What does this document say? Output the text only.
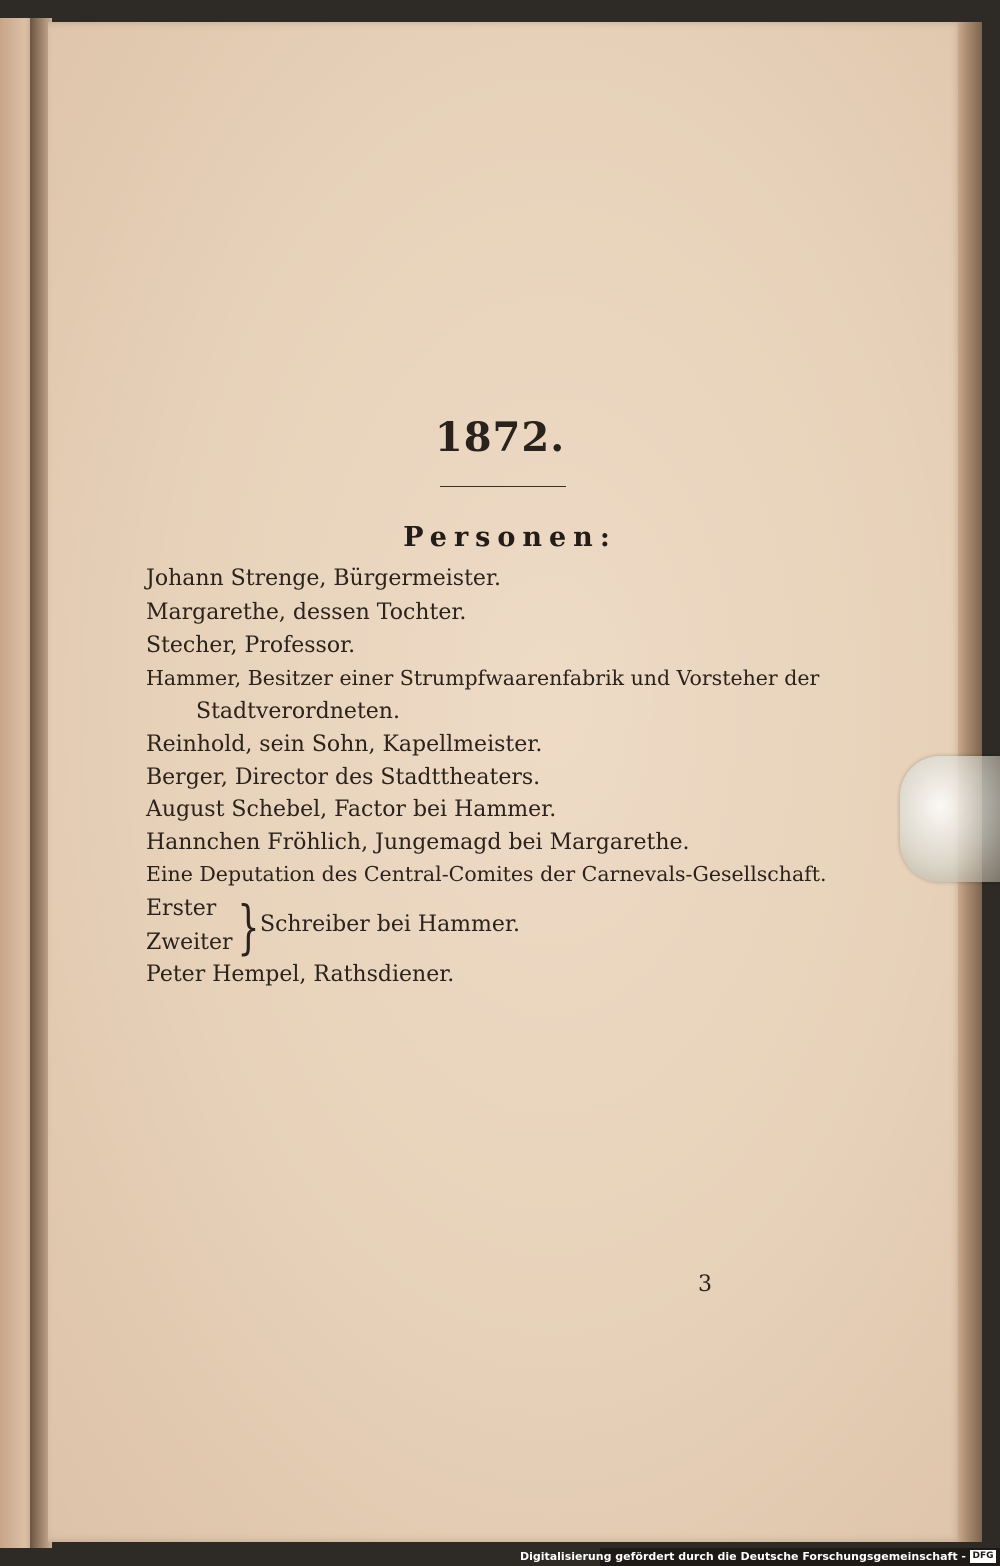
1872.
Personen:
Johann Strenge, Bürgermeister.
Margarethe, dessen Tochter.
Stecher, Professor.
Hammer, Besitzer einer Strumpfwaarenfabrik und Vorsteher der
Stadtverordneten.
Reinhold, sein Sohn, Kapellmeister.
Berger, Director des Stadttheaters.
August Schebel, Factor bei Hammer.
Hannchen Fröhlich, Jungemagd bei Margarethe.
Eine Deputation des Central-Comites der Carnevals-Gesellschaft.
Erster
Zweiter } Schreiber bei Hammer.
Peter Hempel, Rathsdiener.
3
Digitalisierung gefördert durch die Deutsche Forschungsgemeinschaft - DFG
